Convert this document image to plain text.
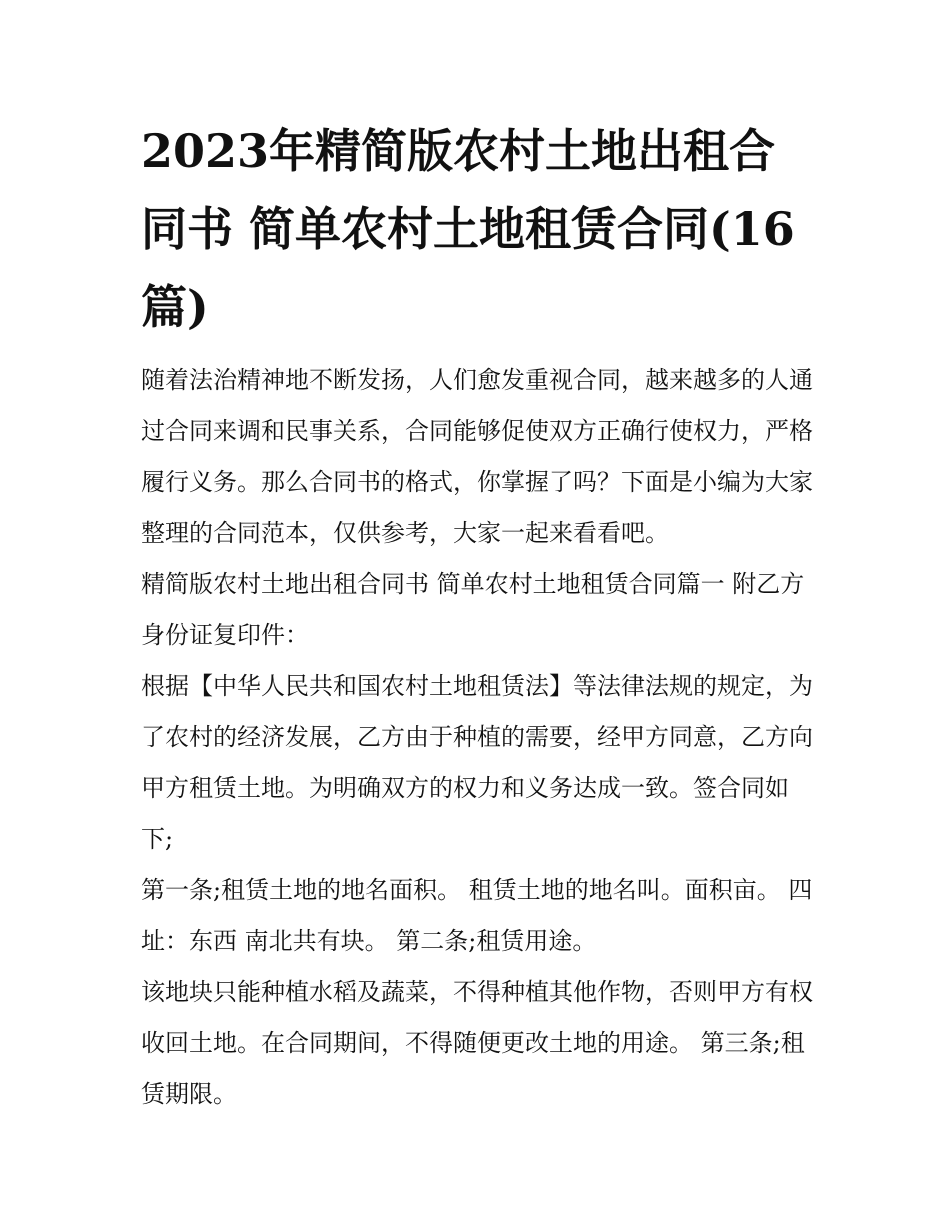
2023年精简版农村土地出租合同书 简单农村土地租赁合同(16篇)

随着法治精神地不断发扬，人们愈发重视合同，越来越多的人通过合同来调和民事关系，合同能够促使双方正确行使权力，严格履行义务。那么合同书的格式，你掌握了吗？下面是小编为大家整理的合同范本，仅供参考，大家一起来看看吧。

精简版农村土地出租合同书 简单农村土地租赁合同篇一 附乙方身份证复印件：

根据【中华人民共和国农村土地租赁法】等法律法规的规定，为了农村的经济发展，乙方由于种植的需要，经甲方同意，乙方向甲方租赁土地。为明确双方的权力和义务达成一致。签合同如下;

第一条;租赁土地的地名面积。 租赁土地的地名叫。面积亩。 四址：东西 南北共有块。 第二条;租赁用途。

该地块只能种植水稻及蔬菜，不得种植其他作物，否则甲方有权收回土地。在合同期间，不得随便更改土地的用途。 第三条;租赁期限。
